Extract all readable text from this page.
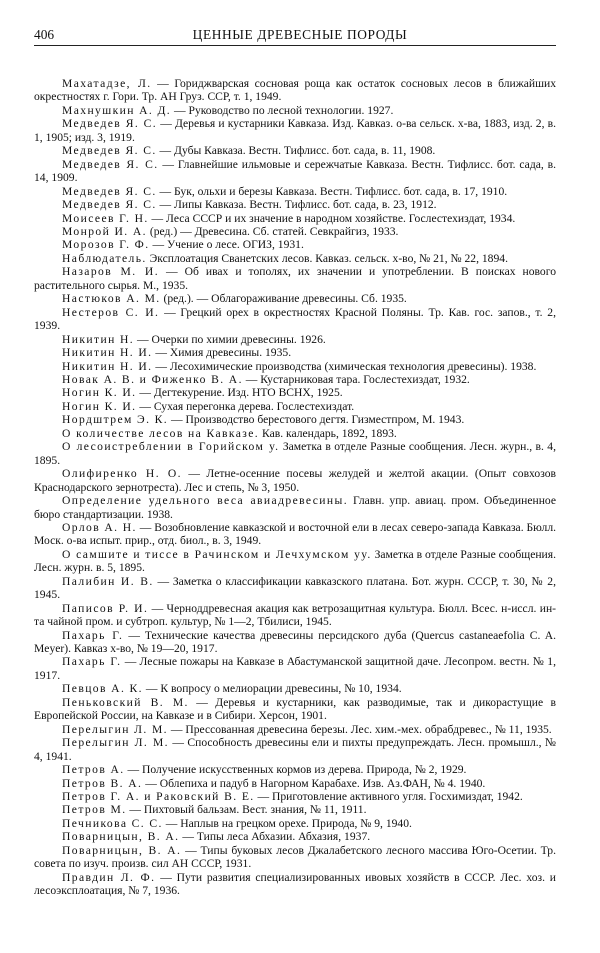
406	ЦЕННЫЕ ДРЕВЕСНЫЕ ПОРОДЫ

Махатадзе, Л. — Гориджварская сосновая роща как остаток сосновых лесов в ближайших окрестностях г. Гори. Тр. АН Груз. ССР, т. 1, 1949.

Махнушкин А. Д. — Руководство по лесной технологии. 1927.

Медведев Я. С. — Деревья и кустарники Кавказа. Изд. Кавказ. о-ва сельск. х-ва, 1883, изд. 2, в. 1, 1905; изд. 3, 1919.

Медведев Я. С. — Дубы Кавказа. Вестн. Тифлисс. бот. сада, в. 11, 1908.

Медведев Я. С. — Главнейшие ильмовые и сережчатые Кавказа. Вестн. Тифлисс. бот. сада, в. 14, 1909.

Медведев Я. С. — Бук, ольхи и березы Кавказа. Вестн. Тифлисс. бот. сада, в. 17, 1910.

Медведев Я. С. — Липы Кавказа. Вестн. Тифлисс. бот. сада, в. 23, 1912.

Моисеев Г. Н. — Леса СССР и их значение в народном хозяйстве. Гослестехиздат, 1934.

Монрой И. А. (ред.) — Древесина. Сб. статей. Севкрайгиз, 1933.

Морозов Г. Ф. — Учение о лесе. ОГИЗ, 1931.

Наблюдатель. Эксплоатация Сванетских лесов. Кавказ. сельск. х-во, № 21, № 22, 1894.

Назаров М. И. — Об ивах и тополях, их значении и употреблении. В поисках нового растительного сырья. М., 1935.

Настюков А. М. (ред.). — Облагораживание древесины. Сб. 1935.

Нестеров С. И. — Грецкий орех в окрестностях Красной Поляны. Тр. Кав. гос. запов., т. 2, 1939.

Никитин Н. — Очерки по химии древесины. 1926.

Никитин Н. И. — Химия древесины. 1935.

Никитин Н. И. — Лесохимические производства (химическая технология древесины). 1938.

Новак А. В. и Фиженко В. А. — Кустарниковая тара. Гослестехиздат, 1932.

Ногин К. И. — Дегтекурение. Изд. НТО ВСНХ, 1925.

Ногин К. И. — Сухая перегонка дерева. Гослестехиздат.

Нордштрем Э. К. — Производство берестового дегтя. Гизместпром, М. 1943.

О количестве лесов на Кавказе. Кав. календарь, 1892, 1893.

О лесоистреблении в Горийском у. Заметка в отделе Разные сообщения. Лесн. журн., в. 4, 1895.

Олифиренко Н. О. — Летне-осенние посевы желудей и желтой акации. (Опыт совхозов Краснодарского зернотреста). Лес и степь, № 3, 1950.

Определение удельного веса авиадревесины. Главн. упр. авиац. пром. Объединенное бюро стандартизации. 1938.

Орлов А. Н. — Возобновление кавказской и восточной ели в лесах северо-запада Кавказа. Бюлл. Моск. о-ва испыт. прир., отд. биол., в. 3, 1949.

О самшите и тиссе в Рачинском и Лечхумском уу. Заметка в отделе Разные сообщения. Лесн. журн. в. 5, 1895.

Палибин И. В. — Заметка о классификации кавказского платана. Бот. журн. СССР, т. 30, № 2, 1945.

Паписов Р. И. — Черноддревесная акация как ветрозащитная культура. Бюлл. Всес. н-иссл. ин-та чайной пром. и субтроп. культур, № 1—2, Тбилиси, 1945.

Пахарь Г. — Технические качества древесины персидского дуба (Quercus castaneaefolia C. A. Meyer). Кавказ х-во, № 19—20, 1917.

Пахарь Г. — Лесные пожары на Кавказе в Абастуманской защитной даче. Лесопром. вестн. № 1, 1917.

Певцов А. К. — К вопросу о мелиорации древесины, № 10, 1934.

Пеньковский В. М. — Деревья и кустарники, как разводимые, так и дикорастущие в Европейской России, на Кавказе и в Сибири. Херсон, 1901.

Перелыгин Л. М. — Прессованная древесина березы. Лес. хим.-мех. обрабдревес., № 11, 1935.

Перелыгин Л. М. — Способность древесины ели и пихты предупреждать. Лесн. промышл., № 4, 1941.

Петров А. — Получение искусственных кормов из дерева. Природа, № 2, 1929.

Петров В. А. — Облепиха и падуб в Нагорном Карабахе. Изв. Аз.ФАН, № 4. 1940.

Петров Г. А. и Раковский В. Е. — Приготовление активного угля. Госхимиздат, 1942.

Петров М. — Пихтовый бальзам. Вест. знания, № 11, 1911.

Печникова С. С. — Наплыв на грецком орехе. Природа, № 9, 1940.

Поварницын, В. А. — Типы леса Абхазии. Абхазия, 1937.

Поварницын, В. А. — Типы буковых лесов Джалабетского лесного массива Юго-Осетии. Тр. совета по изуч. произв. сил АН СССР, 1931.

Правдин Л. Ф. — Пути развития специализированных ивовых хозяйств в СССР. Лес. хоз. и лесоэксплоатация, № 7, 1936.
